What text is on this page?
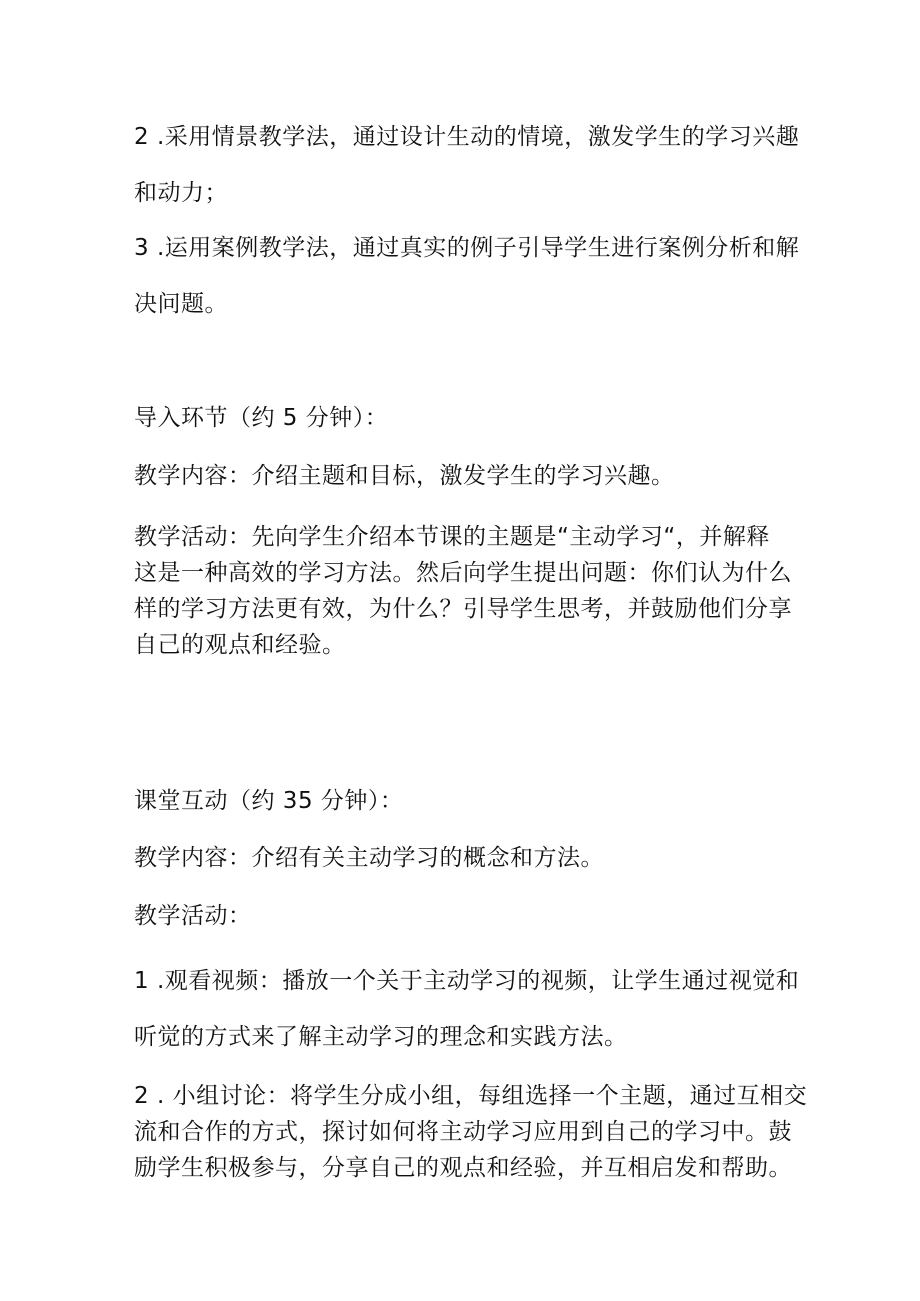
2 .采用情景教学法，通过设计生动的情境，激发学生的学习兴趣
和动力；
3 .运用案例教学法，通过真实的例子引导学生进行案例分析和解
决问题。
导入环节（约 5 分钟）：
教学内容：介绍主题和目标，激发学生的学习兴趣。
教学活动：先向学生介绍本节课的主题是“主动学习“，并解释
这是一种高效的学习方法。然后向学生提出问题：你们认为什么
样的学习方法更有效，为什么？引导学生思考，并鼓励他们分享
自己的观点和经验。
课堂互动（约 35 分钟）：
教学内容：介绍有关主动学习的概念和方法。
教学活动：
1 .观看视频：播放一个关于主动学习的视频，让学生通过视觉和
听觉的方式来了解主动学习的理念和实践方法。
2 . 小组讨论：将学生分成小组，每组选择一个主题，通过互相交
流和合作的方式，探讨如何将主动学习应用到自己的学习中。鼓
励学生积极参与，分享自己的观点和经验，并互相启发和帮助。
